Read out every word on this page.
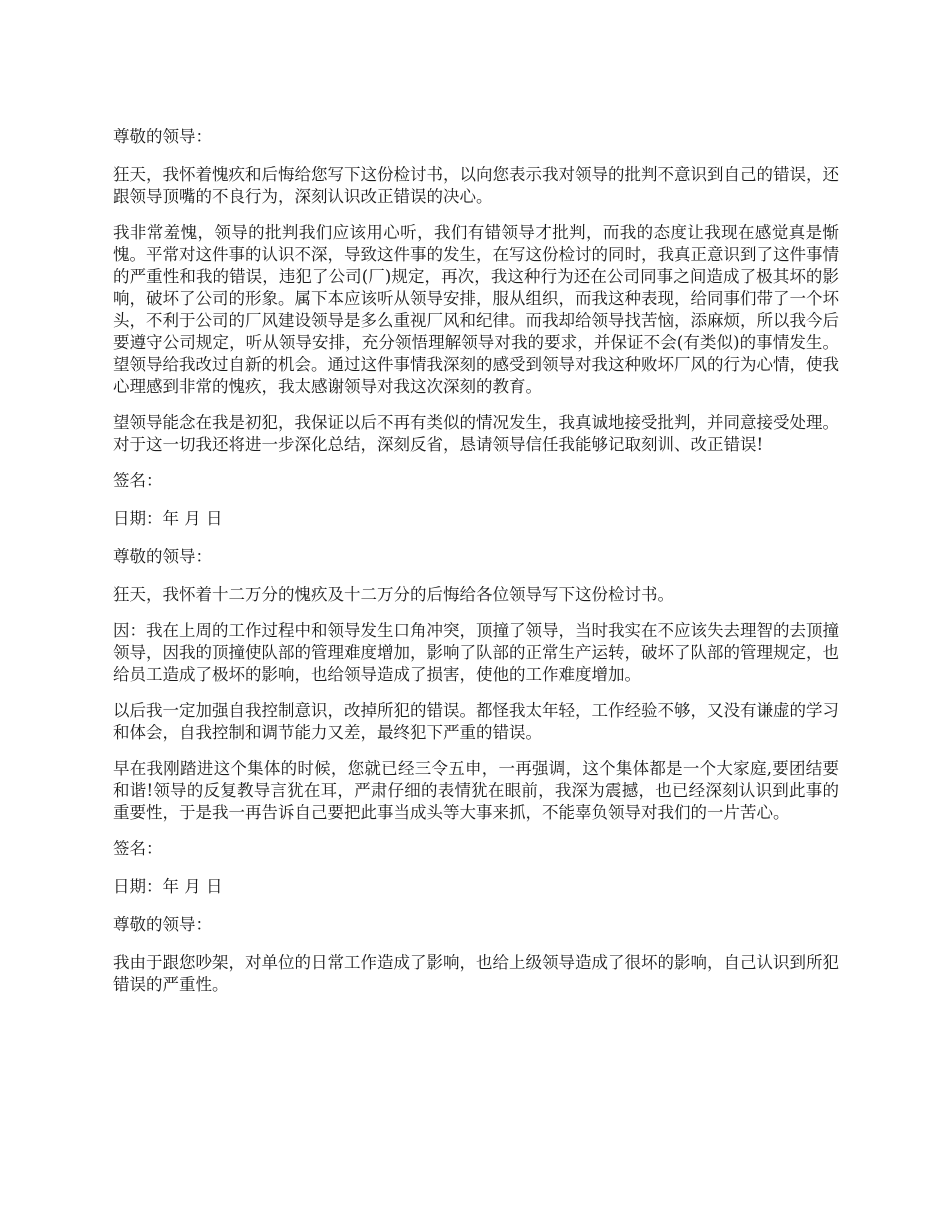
尊敬的领导：

狂天，我怀着愧疚和后悔给您写下这份检讨书，以向您表示我对领导的批判不意识到自己的错误，还跟领导顶嘴的不良行为，深刻认识改正错误的决心。

我非常羞愧，领导的批判我们应该用心听，我们有错领导才批判，而我的态度让我现在感觉真是惭愧。平常对这件事的认识不深，导致这件事的发生，在写这份检讨的同时，我真正意识到了这件事情的严重性和我的错误，违犯了公司(厂)规定，再次，我这种行为还在公司同事之间造成了极其坏的影响，破坏了公司的形象。属下本应该听从领导安排，服从组织，而我这种表现，给同事们带了一个坏头，不利于公司的厂风建设领导是多么重视厂风和纪律。而我却给领导找苦恼，添麻烦，所以我今后要遵守公司规定，听从领导安排，充分领悟理解领导对我的要求，并保证不会(有类似)的事情发生。望领导给我改过自新的机会。通过这件事情我深刻的感受到领导对我这种败坏厂风的行为心情，使我心理感到非常的愧疚，我太感谢领导对我这次深刻的教育。

望领导能念在我是初犯，我保证以后不再有类似的情况发生，我真诚地接受批判，并同意接受处理。对于这一切我还将进一步深化总结，深刻反省，恳请领导信任我能够记取刻训、改正错误!

签名：

日期：年 月 日

尊敬的领导：

狂天，我怀着十二万分的愧疚及十二万分的后悔给各位领导写下这份检讨书。

因：我在上周的工作过程中和领导发生口角冲突，顶撞了领导，当时我实在不应该失去理智的去顶撞领导，因我的顶撞使队部的管理难度增加，影响了队部的正常生产运转，破坏了队部的管理规定，也给员工造成了极坏的影响，也给领导造成了损害，使他的工作难度增加。

以后我一定加强自我控制意识，改掉所犯的错误。都怪我太年轻，工作经验不够，又没有谦虚的学习和体会，自我控制和调节能力又差，最终犯下严重的错误。

早在我刚踏进这个集体的时候，您就已经三令五申，一再强调，这个集体都是一个大家庭,要团结要和谐!领导的反复教导言犹在耳，严肃仔细的表情犹在眼前，我深为震撼，也已经深刻认识到此事的重要性，于是我一再告诉自己要把此事当成头等大事来抓，不能辜负领导对我们的一片苦心。

签名：

日期：年 月 日

尊敬的领导：

我由于跟您吵架，对单位的日常工作造成了影响，也给上级领导造成了很坏的影响，自己认识到所犯错误的严重性。
